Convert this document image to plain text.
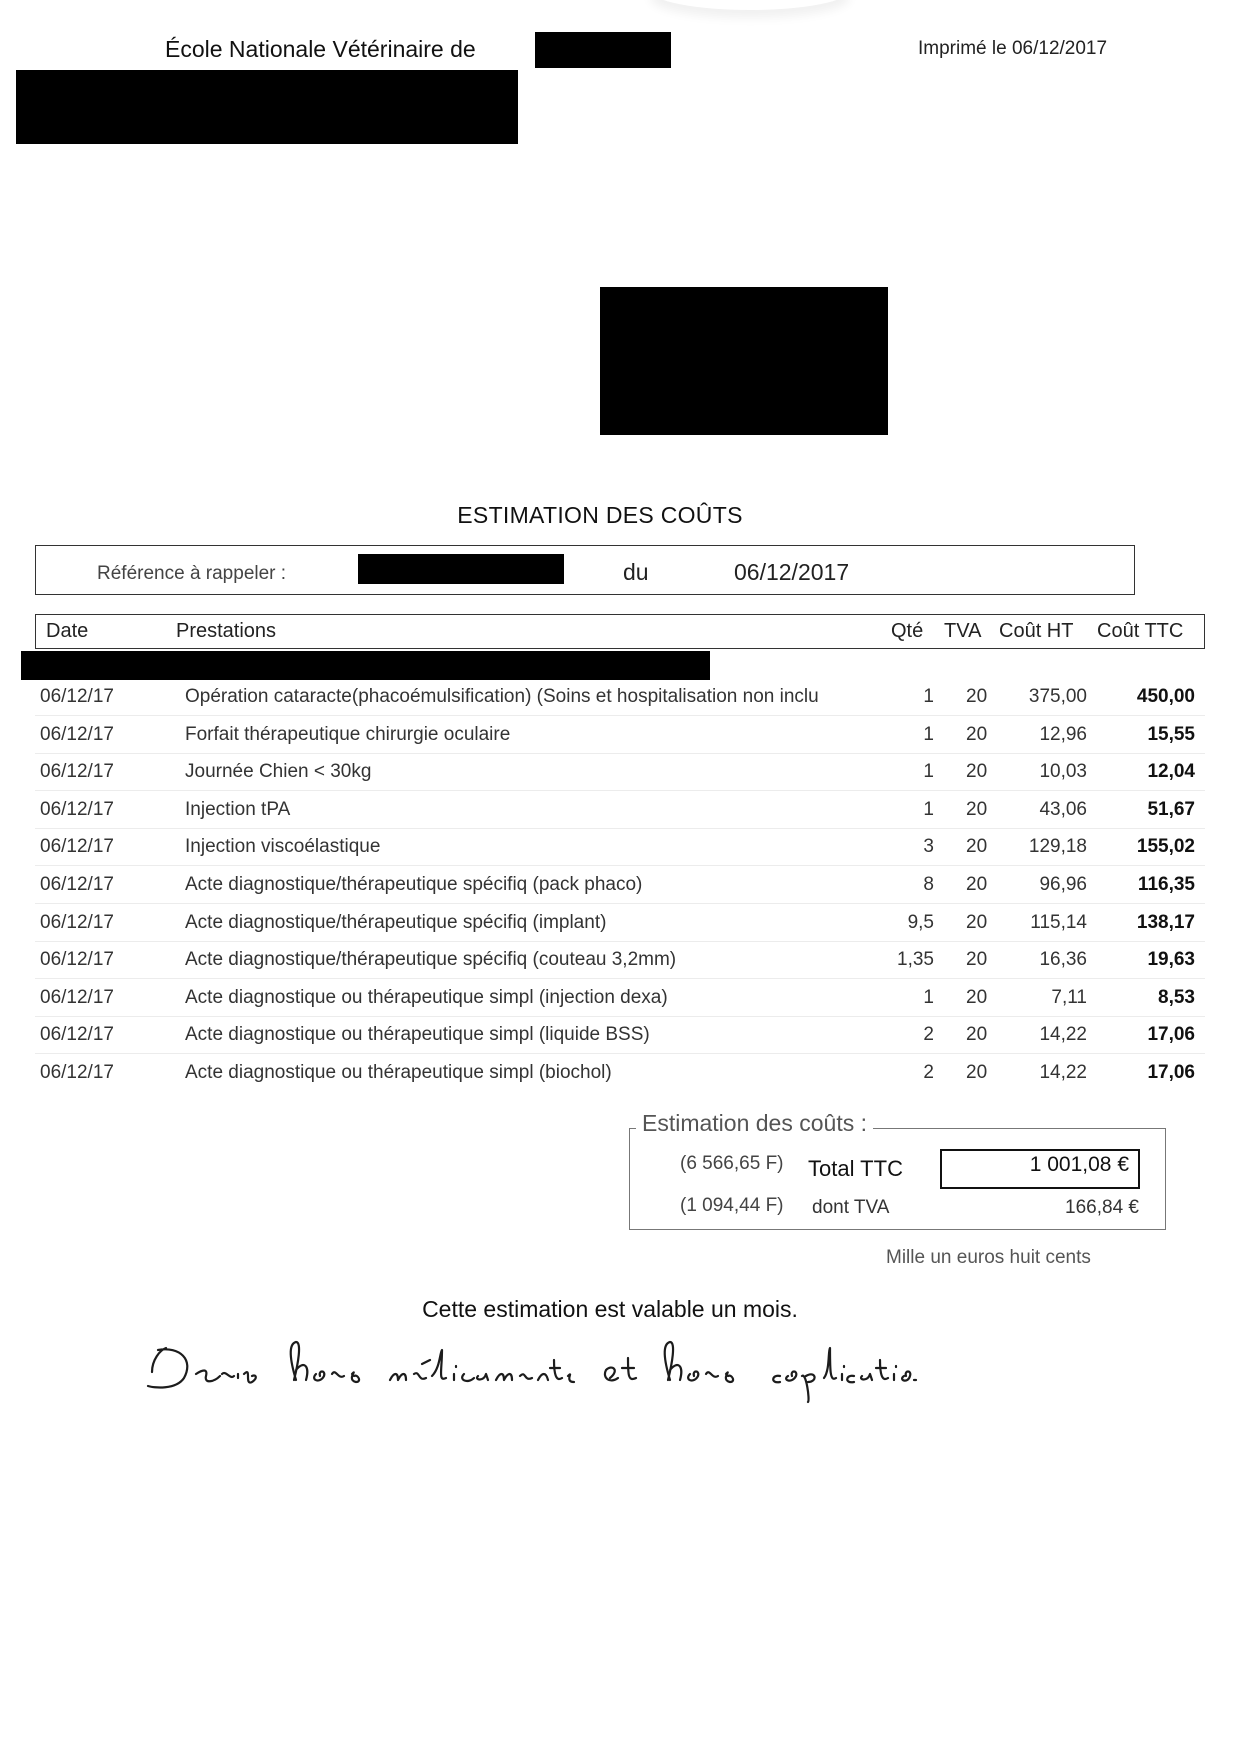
École Nationale Vétérinaire de	Imprimé le 06/12/2017
ESTIMATION DES COÛTS
Référence à rappeler :	du	06/12/2017
Date	Prestations	Qté TVA Coût HT Coût TTC
06/12/17	Opération cataracte(phacoémulsification) (Soins et hospitalisation non inclu	1 20 375,00	450,00
06/12/17	Forfait thérapeutique chirurgie oculaire	1 20	12,96	15,55
06/12/17	Journée Chien < 30kg	1 20	10,03	12,04
06/12/17	Injection tPA	1 20	43,06	51,67
06/12/17	Injection viscoélastique	3 20 129,18	155,02
06/12/17	Acte diagnostique/thérapeutique spécifiq (pack phaco)	8 20	96,96	116,35
06/12/17	Acte diagnostique/thérapeutique spécifiq (implant)	9,5 20 115,14	138,17
06/12/17	Acte diagnostique/thérapeutique spécifiq (couteau 3,2mm)	1,35 20	16,36	19,63
06/12/17	Acte diagnostique ou thérapeutique simpl (injection dexa)	1 20	7,11	8,53
06/12/17	Acte diagnostique ou thérapeutique simpl (liquide BSS)	2 20	14,22	17,06
06/12/17	Acte diagnostique ou thérapeutique simpl (biochol)	2 20	14,22	17,06
Estimation des coûts :
(6 566,65 F) Total TTC	1 001,08 €
(1 094,44 F) dont TVA	166,84 €
Mille un euros huit cents
Cette estimation est valable un mois.
